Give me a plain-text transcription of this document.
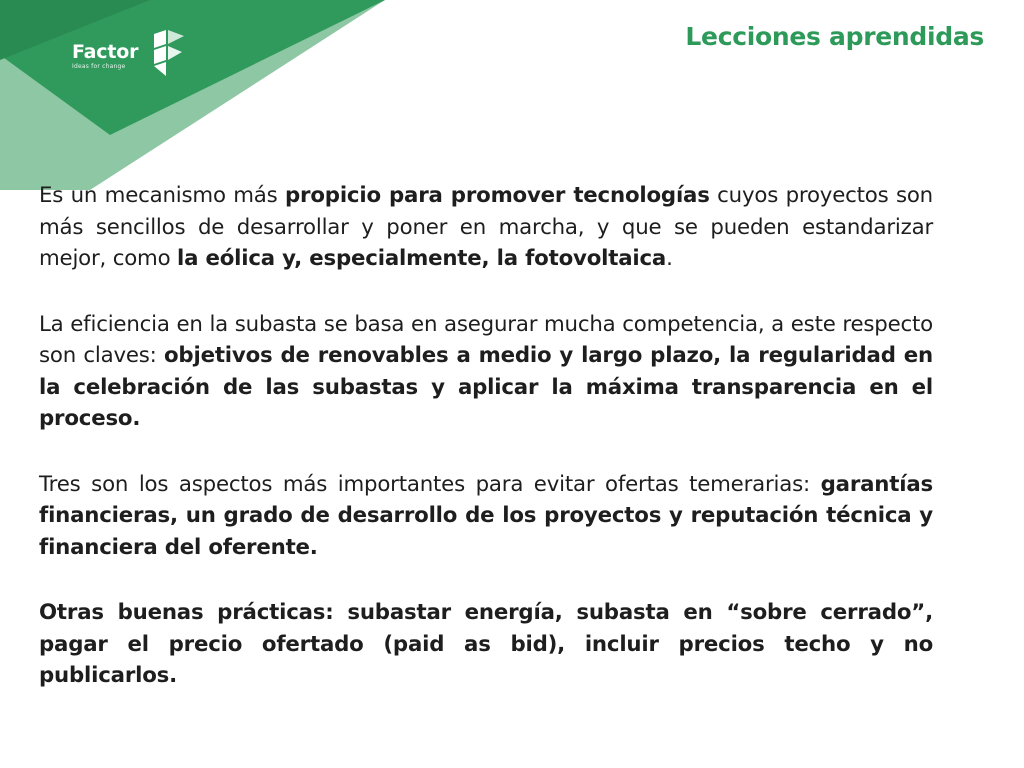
Factor
Ideas for change
Lecciones aprendidas

Es un mecanismo más propicio para promover tecnologías cuyos proyectos son más sencillos de desarrollar y poner en marcha, y que se pueden estandarizar mejor, como la eólica y, especialmente, la fotovoltaica.

La eficiencia en la subasta se basa en asegurar mucha competencia, a este respecto son claves: objetivos de renovables a medio y largo plazo, la regularidad en la celebración de las subastas y aplicar la máxima transparencia en el proceso.

Tres son los aspectos más importantes para evitar ofertas temerarias: garantías financieras, un grado de desarrollo de los proyectos y reputación técnica y financiera del oferente.

Otras buenas prácticas: subastar energía, subasta en “sobre cerrado”, pagar el precio ofertado (paid as bid), incluir precios techo y no publicarlos.
